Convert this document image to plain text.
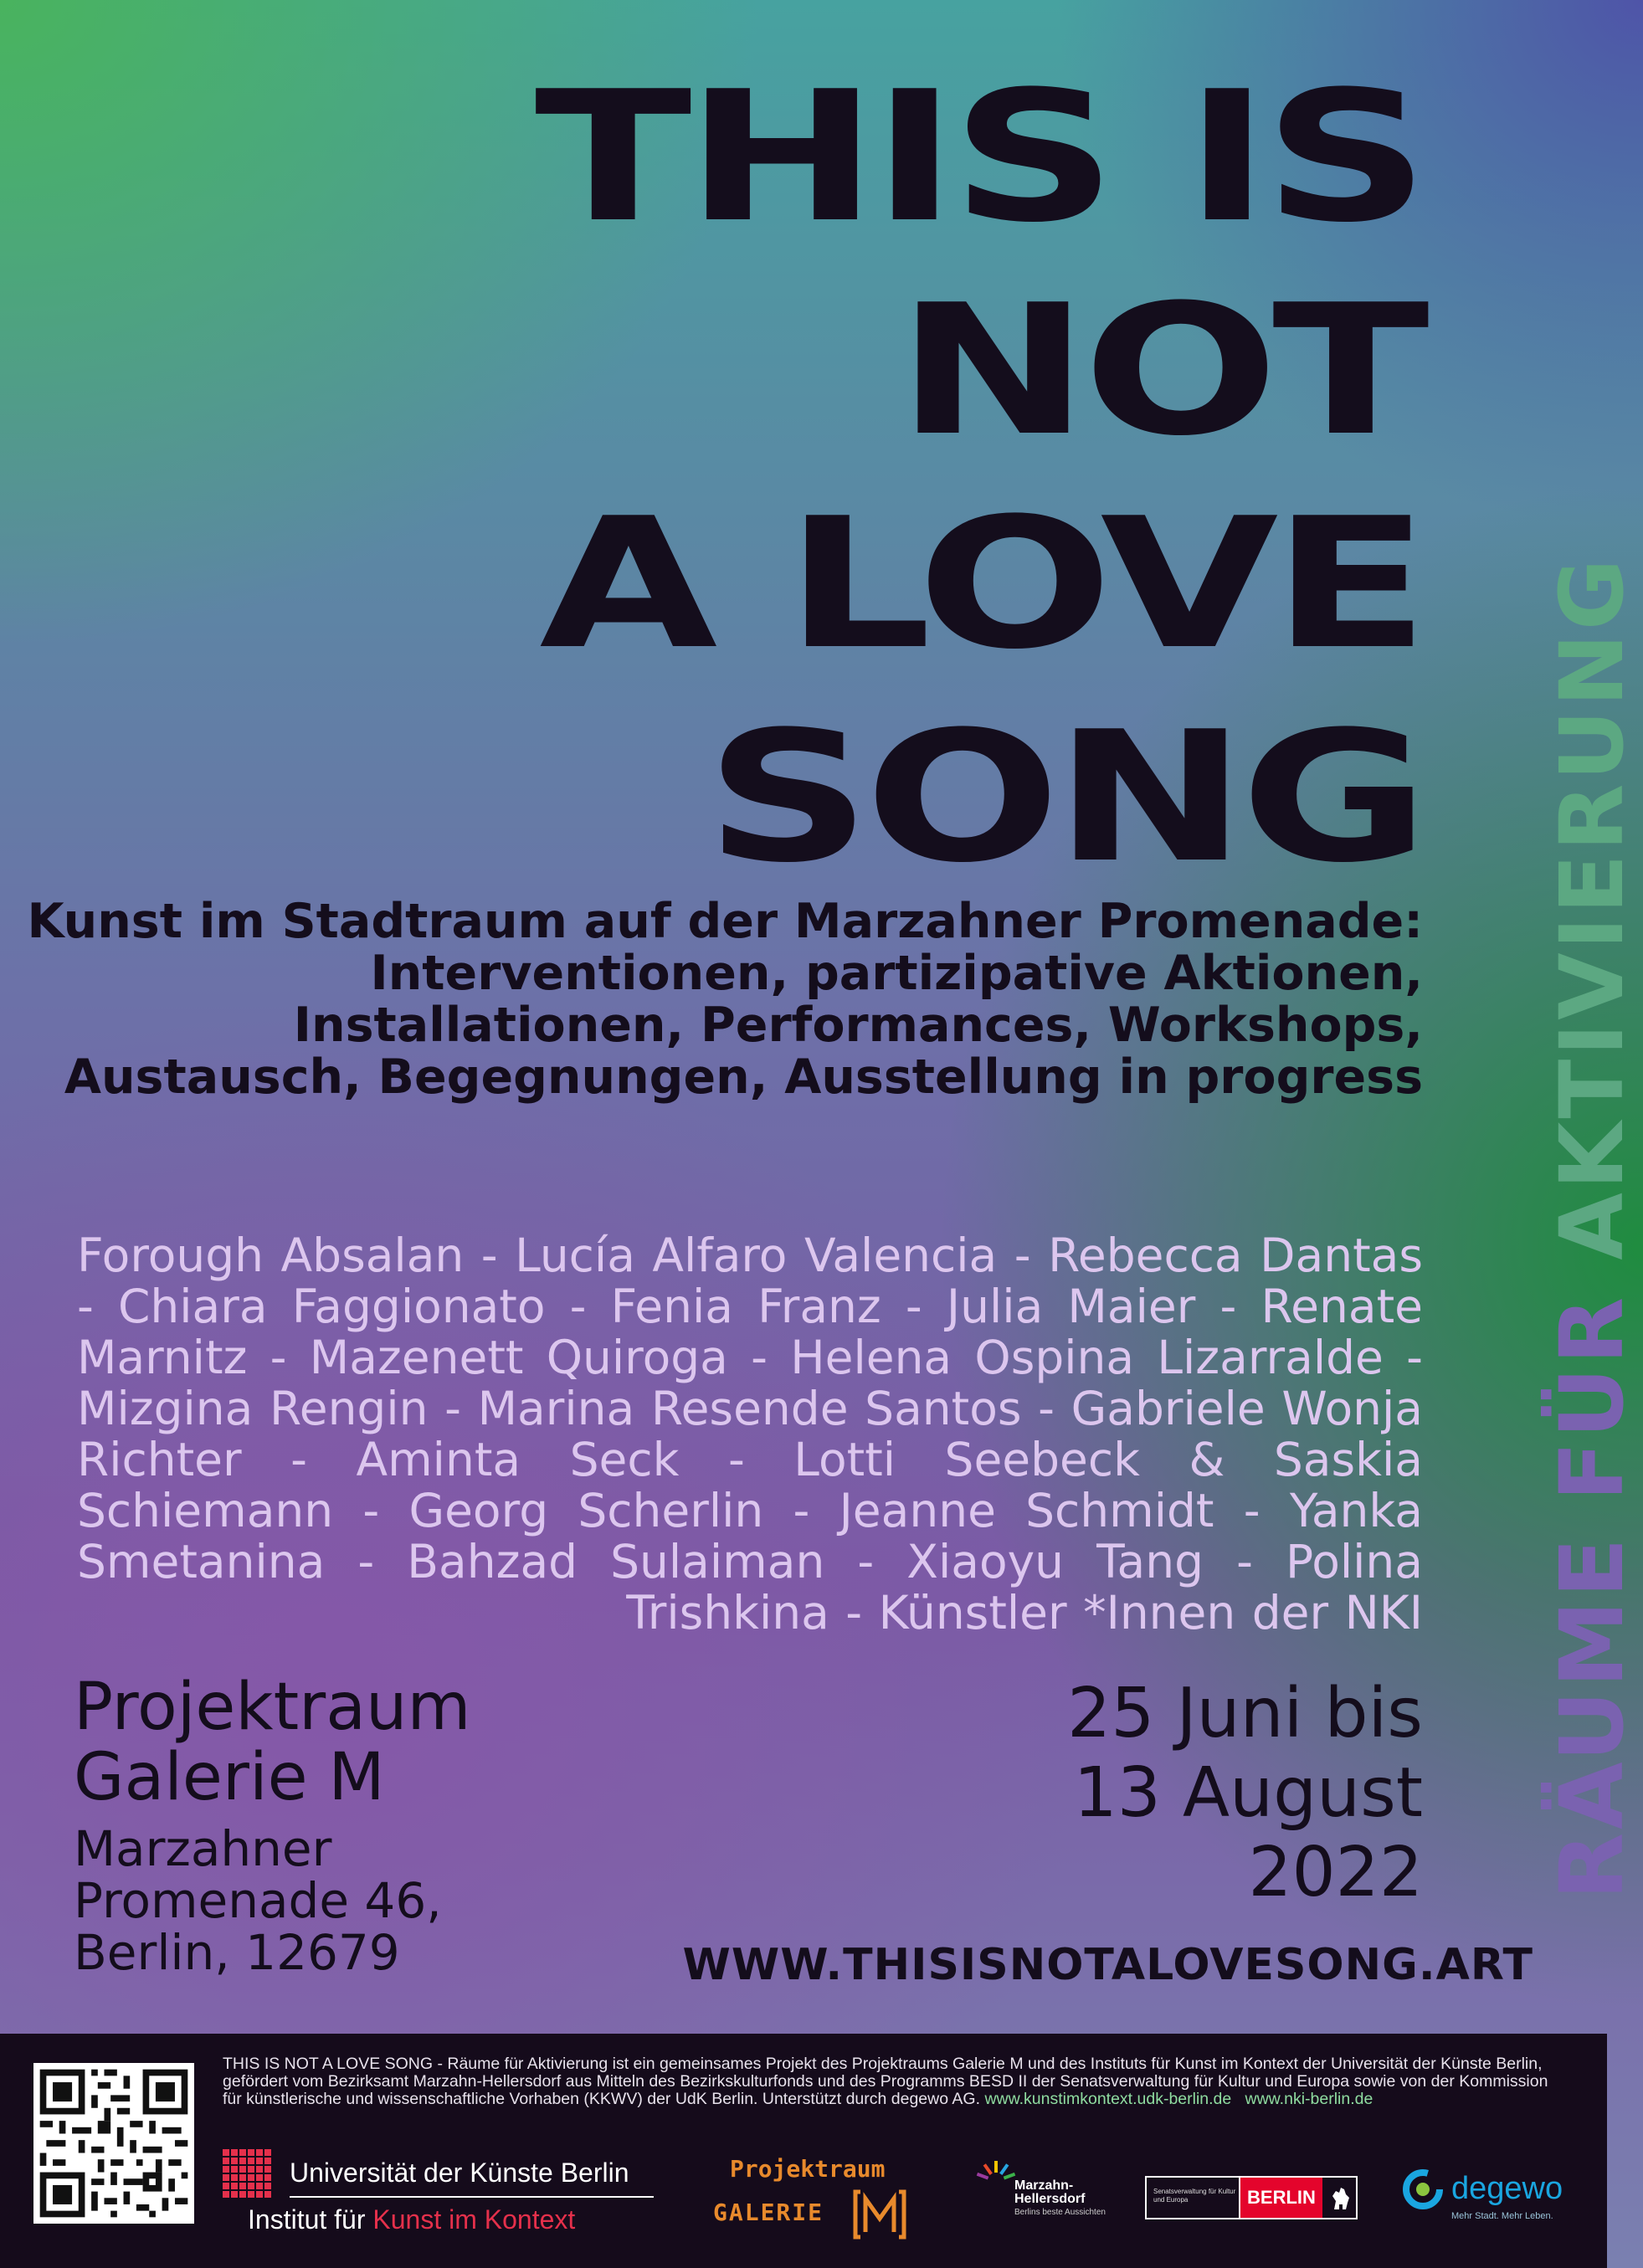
THIS IS
NOT
A LOVE
SONG
RÄUME FÜR AKTIVIERUNG

Kunst im Stadtraum auf der Marzahner Promenade: Interventionen, partizipative Aktionen, Installationen, Performances, Workshops, Austausch, Begegnungen, Ausstellung in progress

Forough Absalan - Lucía Alfaro Valencia - Rebecca Dantas - Chiara Faggionato - Fenia Franz - Julia Maier - Renate Marnitz - Mazenett Quiroga - Helena Ospina Lizarralde - Mizgina Rengin - Marina Resende Santos - Gabriele Wonja Richter - Aminta Seck - Lotti Seebeck & Saskia Schiemann - Georg Scherlin - Jeanne Schmidt - Yanka Smetanina - Bahzad Sulaiman - Xiaoyu Tang - Polina Trishkina - Künstler *Innen der NKI

Projektraum
Galerie M
Marzahner
Promenade 46,
Berlin, 12679
25 Juni bis
13 August
2022
WWW.THISISNOTALOVESONG.ART
THIS IS NOT A LOVE SONG - Räume für Aktivierung ist ein gemeinsames Projekt des Projektraums Galerie M und des Instituts für Kunst im Kontext der Universität der Künste Berlin, gefördert vom Bezirksamt Marzahn-Hellersdorf aus Mitteln des Bezirkskulturfonds und des Programms BESD II der Senatsverwaltung für Kultur und Europa sowie von der Kommission für künstlerische und wissenschaftliche Vorhaben (KKWV) der UdK Berlin. Unterstützt durch degewo AG. www.kunstimkontext.udk-berlin.de www.nki-berlin.de
Universität der Künste Berlin
Institut für Kunst im Kontext
Projektraum
GALERIE
Marzahn-
Hellersdorf
Berlins beste Aussichten
Senatsverwaltung für Kultur und Europa	BERLIN	degewo
Mehr Stadt. Mehr Leben.
